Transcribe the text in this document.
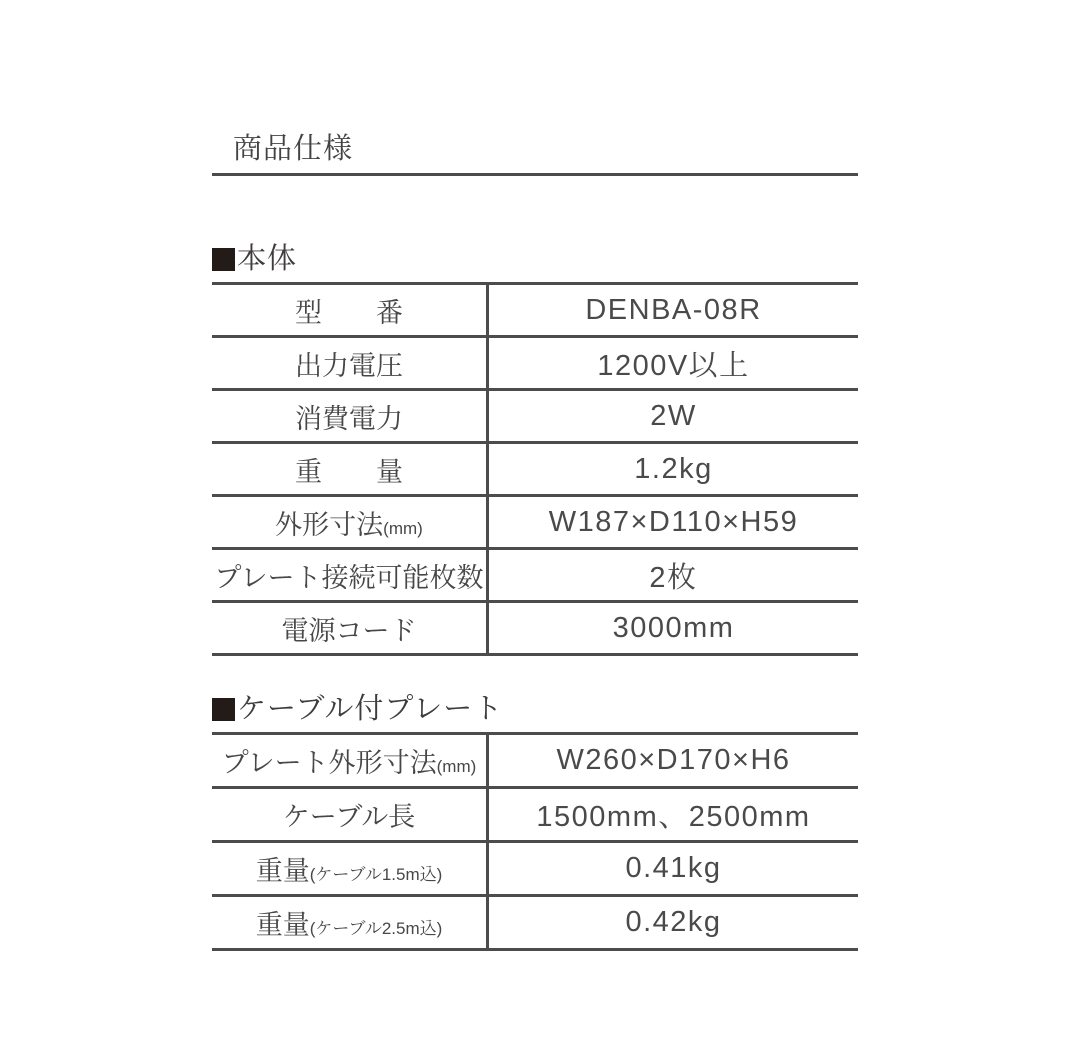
商品仕様
本体
型　　番	DENBA-08R
出力電圧	1200V以上
消費電力	2W
重　　量	1.2kg
外形寸法(mm)	W187×D110×H59
プレート接続可能枚数	2枚
電源コード	3000mm
ケーブル付プレート
プレート外形寸法(mm)	W260×D170×H6
ケーブル長	1500mm、2500mm
重量(ケーブル1.5m込)	0.41kg
重量(ケーブル2.5m込)	0.42kg
